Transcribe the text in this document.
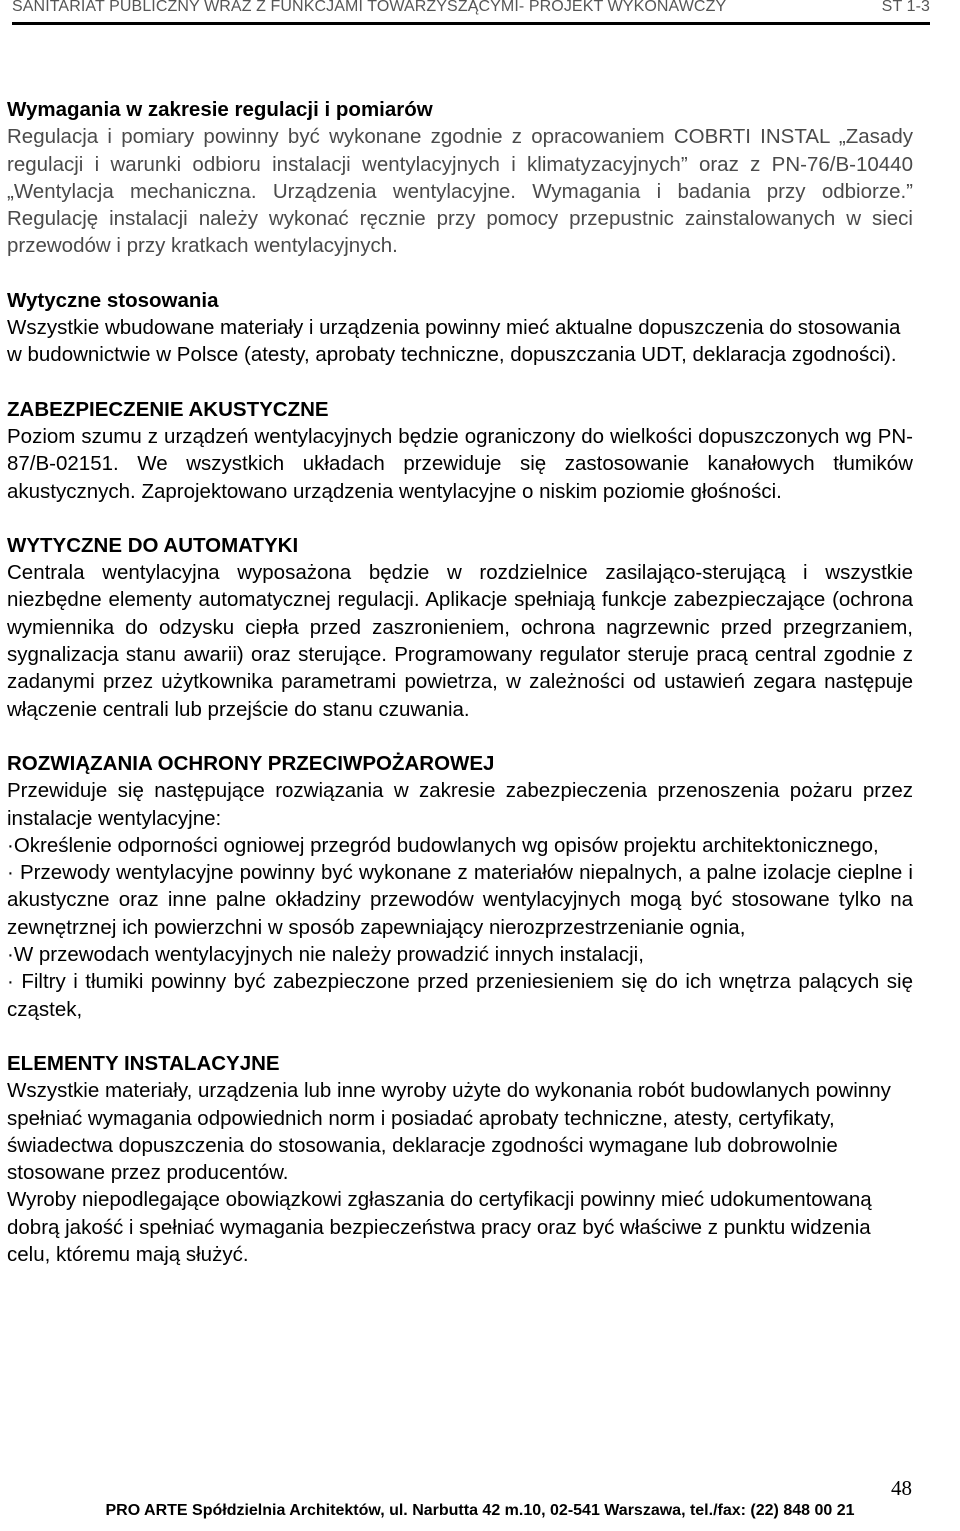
SANITARIAT PUBLICZNY WRAZ Z FUNKCJAMI TOWARZYSZĄCYMI- PROJEKT WYKONAWCZY	ST 1-3

Wymagania w zakresie regulacji i pomiarów

Regulacja i pomiary powinny być wykonane zgodnie z opracowaniem COBRTI INSTAL „Zasady regulacji i warunki odbioru instalacji wentylacyjnych i klimatyzacyjnych” oraz z PN-76/B-10440 „Wentylacja mechaniczna. Urządzenia wentylacyjne. Wymagania i badania przy odbiorze.” Regulację instalacji należy wykonać ręcznie przy pomocy przepustnic zainstalowanych w sieci przewodów i przy kratkach wentylacyjnych.

Wytyczne stosowania

Wszystkie wbudowane materiały i urządzenia powinny mieć aktualne dopuszczenia do stosowania w budownictwie w Polsce (atesty, aprobaty techniczne, dopuszczania UDT, deklaracja zgodności).

ZABEZPIECZENIE AKUSTYCZNE

Poziom szumu z urządzeń wentylacyjnych będzie ograniczony do wielkości dopuszczonych wg PN-87/B-02151. We wszystkich układach przewiduje się zastosowanie kanałowych tłumików akustycznych. Zaprojektowano urządzenia wentylacyjne o niskim poziomie głośności.

WYTYCZNE DO AUTOMATYKI

Centrala wentylacyjna wyposażona będzie w rozdzielnice zasilająco-sterującą i wszystkie niezbędne elementy automatycznej regulacji. Aplikacje spełniają funkcje zabezpieczające (ochrona wymiennika do odzysku ciepła przed zaszronieniem, ochrona nagrzewnic przed przegrzaniem, sygnalizacja stanu awarii) oraz sterujące. Programowany regulator steruje pracą central zgodnie z zadanymi przez użytkownika parametrami powietrza, w zależności od ustawień zegara następuje włączenie centrali lub przejście do stanu czuwania.

ROZWIĄZANIA OCHRONY PRZECIWPOŻAROWEJ

Przewiduje się następujące rozwiązania w zakresie zabezpieczenia przenoszenia pożaru przez instalacje wentylacyjne:

·Określenie odporności ogniowej przegród budowlanych wg opisów projektu architektonicznego,

· Przewody wentylacyjne powinny być wykonane z materiałów niepalnych, a palne izolacje cieplne i akustyczne oraz inne palne okładziny przewodów wentylacyjnych mogą być stosowane tylko na zewnętrznej ich powierzchni w sposób zapewniający nierozprzestrzenianie ognia,

·W przewodach wentylacyjnych nie należy prowadzić innych instalacji,

· Filtry i tłumiki powinny być zabezpieczone przed przeniesieniem się do ich wnętrza palących się cząstek,

ELEMENTY INSTALACYJNE

Wszystkie materiały, urządzenia lub inne wyroby użyte do wykonania robót budowlanych powinny spełniać wymagania odpowiednich norm i posiadać aprobaty techniczne, atesty, certyfikaty, świadectwa dopuszczenia do stosowania, deklaracje zgodności wymagane lub dobrowolnie stosowane przez producentów.

Wyroby niepodlegające obowiązkowi zgłaszania do certyfikacji powinny mieć udokumentowaną dobrą jakość i spełniać wymagania bezpieczeństwa pracy oraz być właściwe z punktu widzenia celu, któremu mają służyć.

48
PRO ARTE Spółdzielnia Architektów, ul. Narbutta 42 m.10, 02-541 Warszawa, tel./fax: (22) 848 00 21
